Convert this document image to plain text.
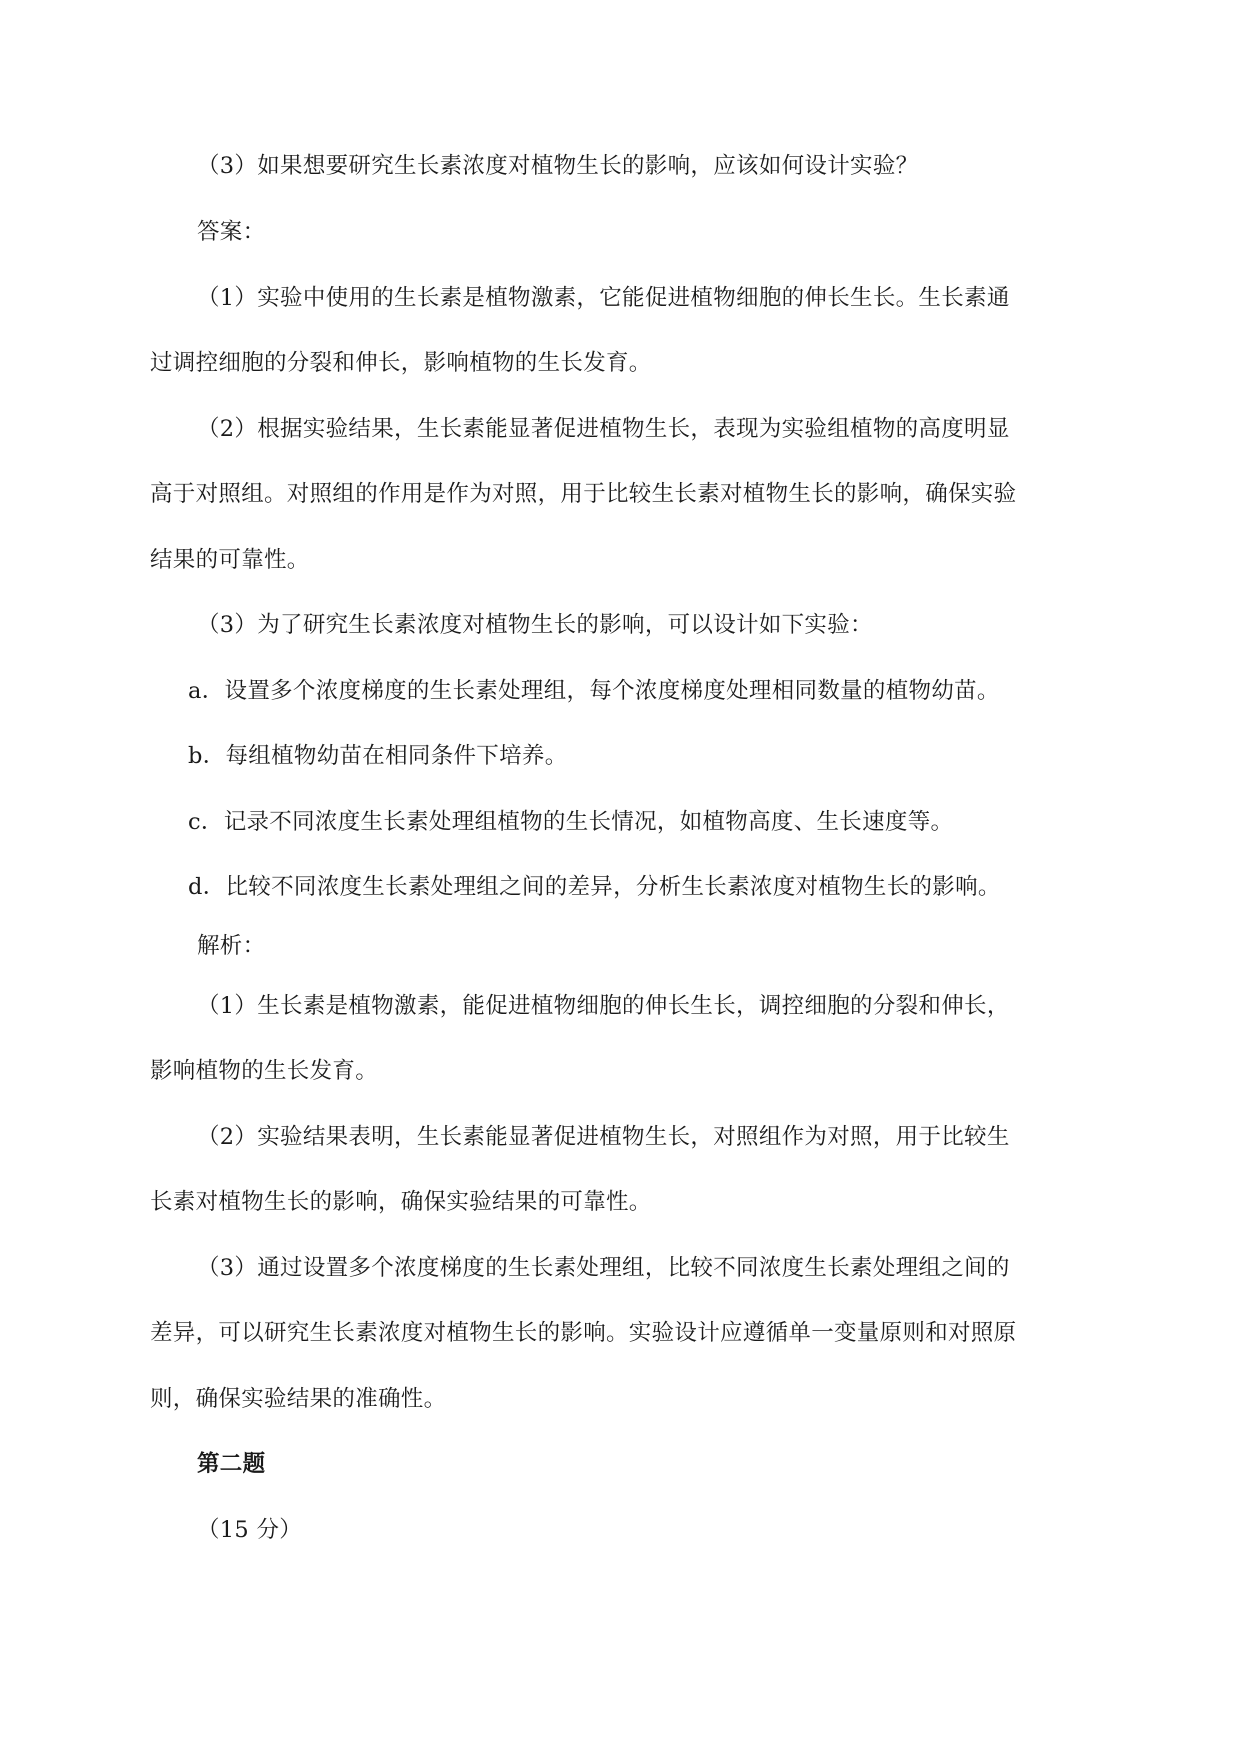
（3）如果想要研究生长素浓度对植物生长的影响，应该如何设计实验？
答案：
（1）实验中使用的生长素是植物激素，它能促进植物细胞的伸长生长。生长素通
过调控细胞的分裂和伸长，影响植物的生长发育。
（2）根据实验结果，生长素能显著促进植物生长，表现为实验组植物的高度明显
高于对照组。对照组的作用是作为对照，用于比较生长素对植物生长的影响，确保实验
结果的可靠性。
（3）为了研究生长素浓度对植物生长的影响，可以设计如下实验：
a．设置多个浓度梯度的生长素处理组，每个浓度梯度处理相同数量的植物幼苗。
b．每组植物幼苗在相同条件下培养。
c．记录不同浓度生长素处理组植物的生长情况，如植物高度、生长速度等。
d．比较不同浓度生长素处理组之间的差异，分析生长素浓度对植物生长的影响。
解析：
（1）生长素是植物激素，能促进植物细胞的伸长生长，调控细胞的分裂和伸长，
影响植物的生长发育。
（2）实验结果表明，生长素能显著促进植物生长，对照组作为对照，用于比较生
长素对植物生长的影响，确保实验结果的可靠性。
（3）通过设置多个浓度梯度的生长素处理组，比较不同浓度生长素处理组之间的
差异，可以研究生长素浓度对植物生长的影响。实验设计应遵循单一变量原则和对照原
则，确保实验结果的准确性。
第二题
（15 分）
